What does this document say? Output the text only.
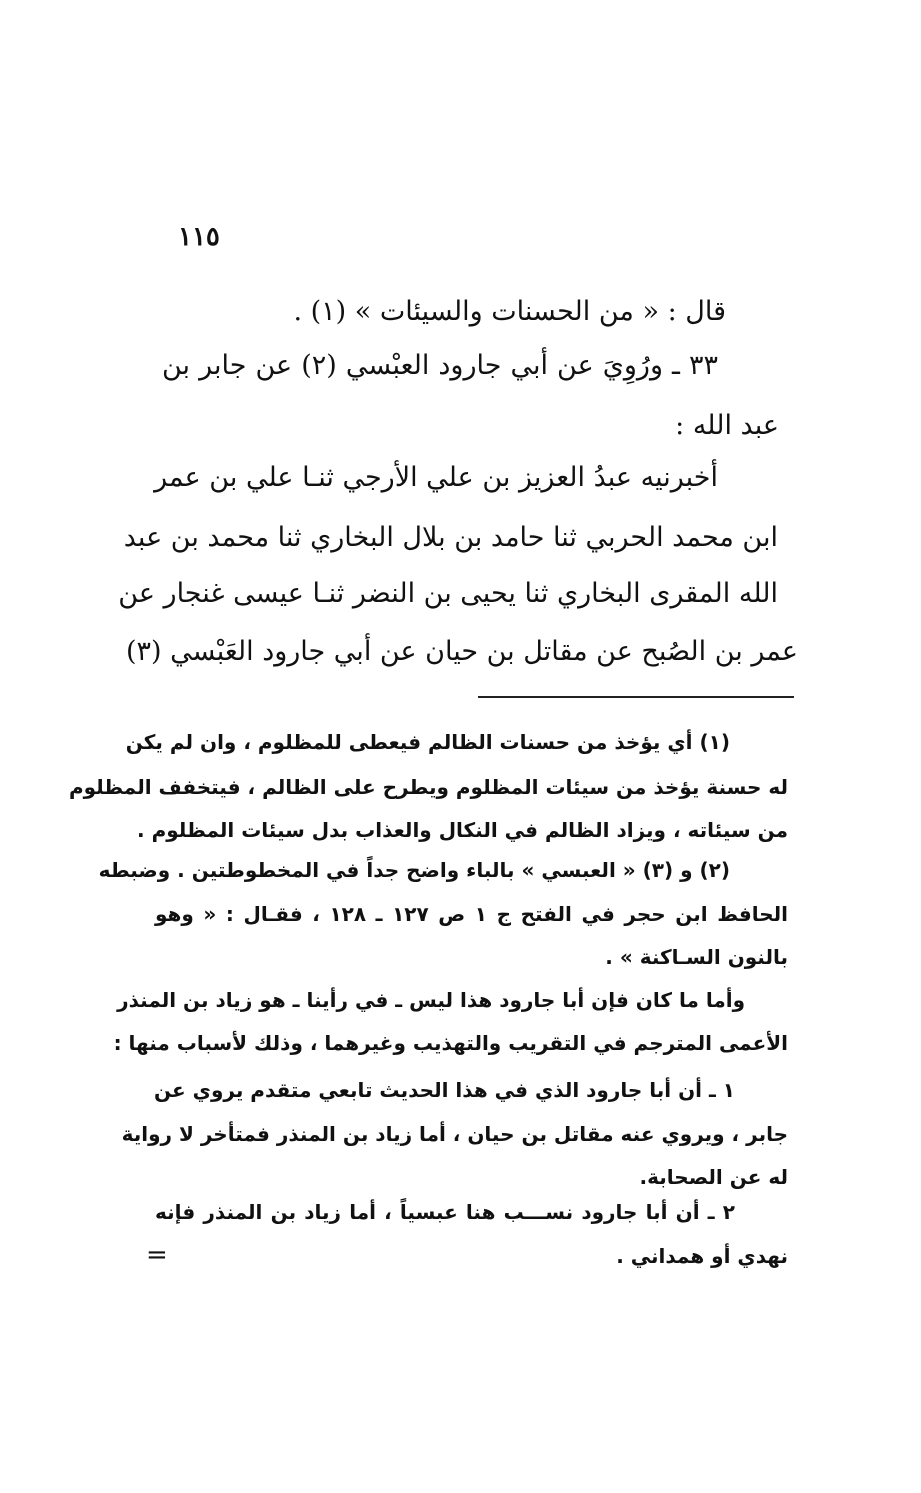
١١٥
قال : « من الحسنات والسيئات » (١) .
٣٣ ـ ورُوِيَ عن أبي جارود العبْسي (٢) عن جابر بن
عبد الله :
أخبرنيه عبدُ العزيز بن علي الأرجي ثنـا علي بن عمر
ابن محمد الحربي ثنا حامد بن بلال البخاري ثنا محمد بن عبد
الله المقرى البخاري ثنا يحيى بن النضر ثنـا عيسى غنجار عن
عمر بن الصُبح عن مقاتل بن حيان عن أبي جارود العَبْسي (٣)
(١) أي يؤخذ من حسنات الظالم فيعطى للمظلوم ، وان لم يكن
له حسنة يؤخذ من سيئات المظلوم ويطرح على الظالم ، فيتخفف المظلوم
من سيئاته ، ويزاد الظالم في النكال والعذاب بدل سيئات المظلوم .
(٢) و (٣) « العبسي » بالباء واضح جداً في المخطوطتين . وضبطه
الحافظ ابن حجر في الفتح ج ١ ص ١٢٧ ـ ١٢٨ ، فقـال : « وهو
بالنون السـاكنة » .
وأما ما كان فإن أبا جارود هذا ليس ـ في رأينا ـ هو زياد بن المنذر
الأعمى المترجم في التقريب والتهذيب وغيرهما ، وذلك لأسباب منها :
١ ـ أن أبا جارود الذي في هذا الحديث تابعي متقدم يروي عن
جابر ، ويروي عنه مقاتل بن حيان ، أما زياد بن المنذر فمتأخر لا رواية
له عن الصحابة.
٢ ـ أن أبا جارود نســـب هنا عبسياً ، أما زياد بن المنذر فإنه
نهدي أو همداني .
=
